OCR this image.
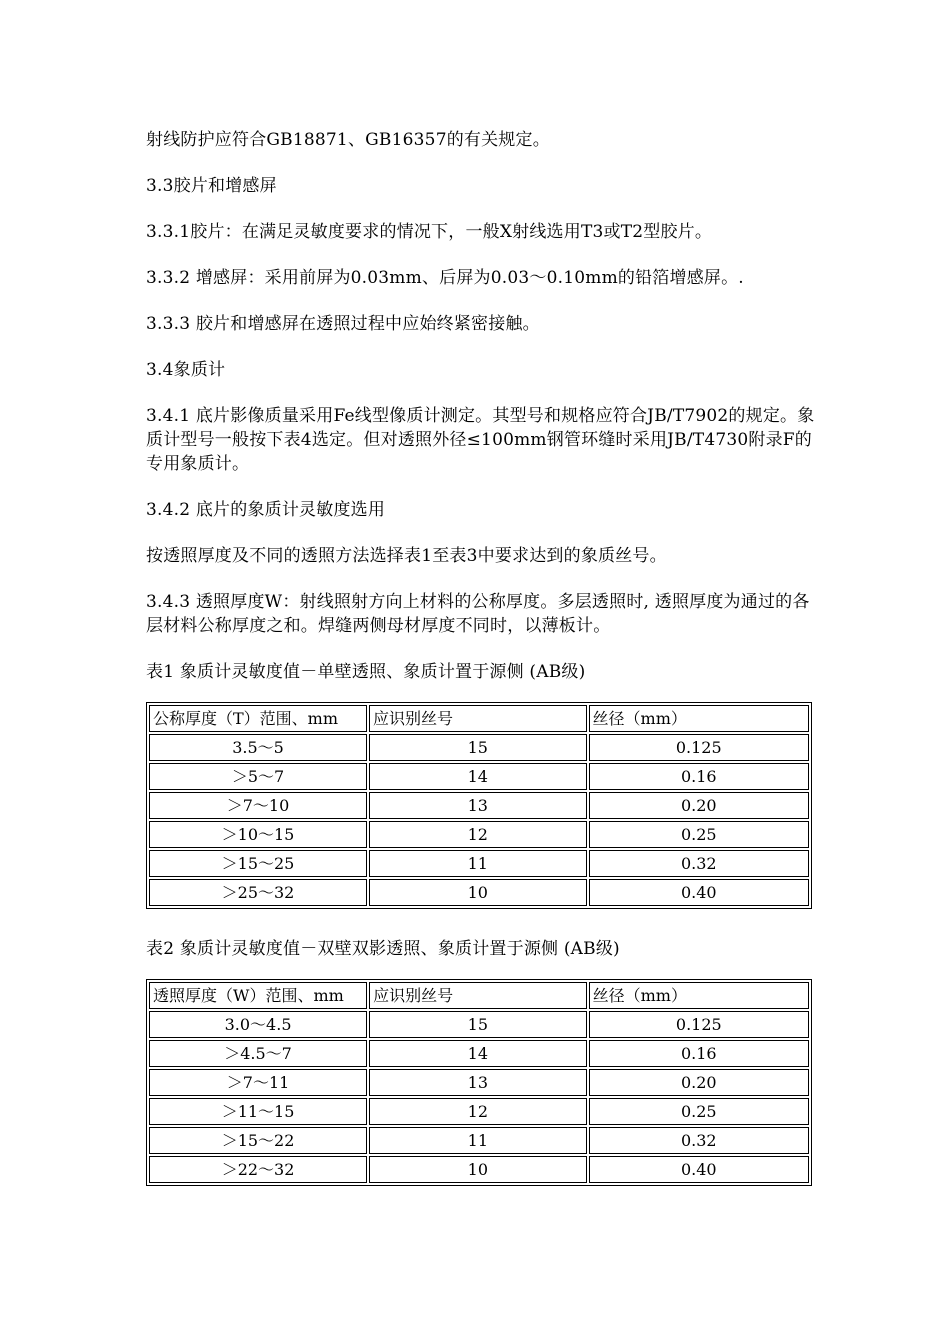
射线防护应符合GB18871、GB16357的有关规定。

3.3胶片和增感屏

3.3.1胶片：在满足灵敏度要求的情况下，一般X射线选用T3或T2型胶片。

3.3.2 增感屏：采用前屏为0.03mm、后屏为0.03～0.10mm的铅箔增感屏。.

3.3.3 胶片和增感屏在透照过程中应始终紧密接触。

3.4象质计

3.4.1 底片影像质量采用Fe线型像质计测定。其型号和规格应符合JB/T7902的规定。象质计型号一般按下表4选定。但对透照外径≤100mm钢管环缝时采用JB/T4730附录F的专用象质计。

3.4.2 底片的象质计灵敏度选用

按透照厚度及不同的透照方法选择表1至表3中要求达到的象质丝号。

3.4.3 透照厚度W：射线照射方向上材料的公称厚度。多层透照时, 透照厚度为通过的各层材料公称厚度之和。焊缝两侧母材厚度不同时，以薄板计。

表1 象质计灵敏度值－单壁透照、象质计置于源侧 (AB级)

公称厚度（T）范围、mm	应识别丝号	丝径（mm）
3.5～5	15	0.125
＞5～7	14	0.16
＞7～10	13	0.20
＞10～15	12	0.25
＞15～25	11	0.32
＞25～32	10	0.40

表2 象质计灵敏度值－双壁双影透照、象质计置于源侧 (AB级)

透照厚度（W）范围、mm	应识别丝号	丝径（mm）
3.0～4.5	15	0.125
＞4.5～7	14	0.16
＞7～11	13	0.20
＞11～15	12	0.25
＞15～22	11	0.32
＞22～32	10	0.40
